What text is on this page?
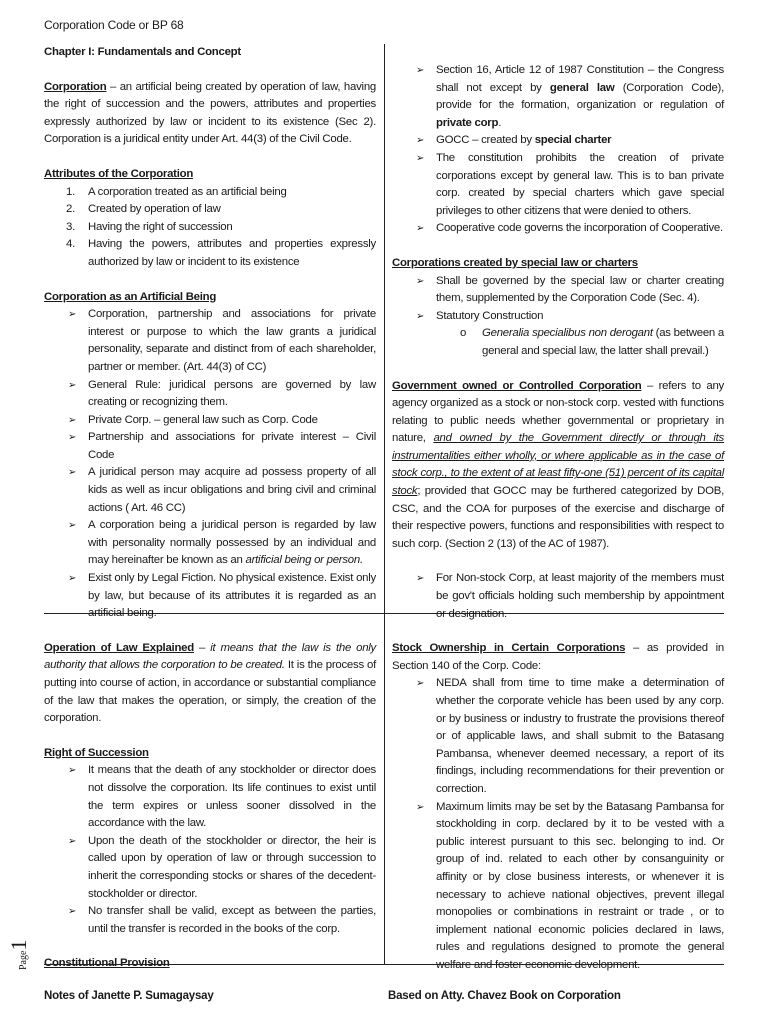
Corporation Code or BP 68

Chapter I: Fundamentals and Concept

Corporation – an artificial being created by operation of law, having the right of succession and the powers, attributes and properties expressly authorized by law or incident to its existence (Sec 2). Corporation is a juridical entity under Art. 44(3) of the Civil Code.

Attributes of the Corporation

1. A corporation treated as an artificial being
2. Created by operation of law
3. Having the right of succession
4. Having the powers, attributes and properties expressly authorized by law or incident to its existence

Corporation as an Artificial Being

➢ Corporation, partnership and associations for private interest or purpose to which the law grants a juridical personality, separate and distinct from of each shareholder, partner or member. (Art. 44(3) of CC)
➢ General Rule: juridical persons are governed by law creating or recognizing them.
➢ Private Corp. – general law such as Corp. Code
➢ Partnership and associations for private interest – Civil Code
➢ A juridical person may acquire ad possess property of all kids as well as incur obligations and bring civil and criminal actions ( Art. 46 CC)
➢ A corporation being a juridical person is regarded by law with personality normally possessed by an individual and may hereinafter be known as an artificial being or person.
➢ Exist only by Legal Fiction. No physical existence. Exist only by law, but because of its attributes it is regarded as an artificial being.

Operation of Law Explained – it means that the law is the only authority that allows the corporation to be created. It is the process of putting into course of action, in accordance or substantial compliance of the law that makes the operation, or simply, the creation of the corporation.

Right of Succession

➢ It means that the death of any stockholder or director does not dissolve the corporation. Its life continues to exist until the term expires or unless sooner dissolved in the accordance with the law.
➢ Upon the death of the stockholder or director, the heir is called upon by operation of law or through succession to inherit the corresponding stocks or shares of the decedent-stockholder or director.
➢ No transfer shall be valid, except as between the parties, until the transfer is recorded in the books of the corp.

➢ Section 16, Article 12 of 1987 Constitution – the Congress shall not except by general law (Corporation Code), provide for the formation, organization or regulation of private corp.
➢ GOCC – created by special charter
➢ The constitution prohibits the creation of private corporations except by general law. This is to ban private corp. created by special charters which gave special privileges to other citizens that were denied to others.
➢ Cooperative code governs the incorporation of Cooperative.

Corporations created by special law or charters

➢ Shall be governed by the special law or charter creating them, supplemented by the Corporation Code (Sec. 4).
➢ Statutory Construction
o Generalia specialibus non derogant (as between a general and special law, the latter shall prevail.)

Government owned or Controlled Corporation – refers to any agency organized as a stock or non-stock corp. vested with functions relating to public needs whether governmental or proprietary in nature, and owned by the Government directly or through its instrumentalities either wholly, or where applicable as in the case of stock corp., to the extent of at least fifty-one (51) percent of its capital stock; provided that GOCC may be furthered categorized by DOB, CSC, and the COA for purposes of the exercise and discharge of their respective powers, functions and responsibilities with respect to such corp. (Section 2 (13) of the AC of 1987).

➢ For Non-stock Corp, at least majority of the members must be gov't officials holding such membership by appointment or designation.

Stock Ownership in Certain Corporations – as provided in Section 140 of the Corp. Code:

➢ NEDA shall from time to time make a determination of whether the corporate vehicle has been used by any corp. or by business or industry to frustrate the provisions thereof or of applicable laws, and shall submit to the Batasang Pambansa, whenever deemed necessary, a report of its findings, including recommendations for their prevention or correction.
➢ Maximum limits may be set by the Batasang Pambansa for stockholding in corp. declared by it to be vested with a public interest pursuant to this sec. belonging to ind. Or group of ind. related to each other by consanguinity or affinity or by close business interests, or whenever it is necessary to achieve national objectives, prevent illegal monopolies or combinations in restraint or trade , or to implement national economic policies declared in laws, rules and regulations designed to promote the general
Page1
Notes of Janette P. Sumagaysay	Based on Atty. Chavez Book on Corporation
